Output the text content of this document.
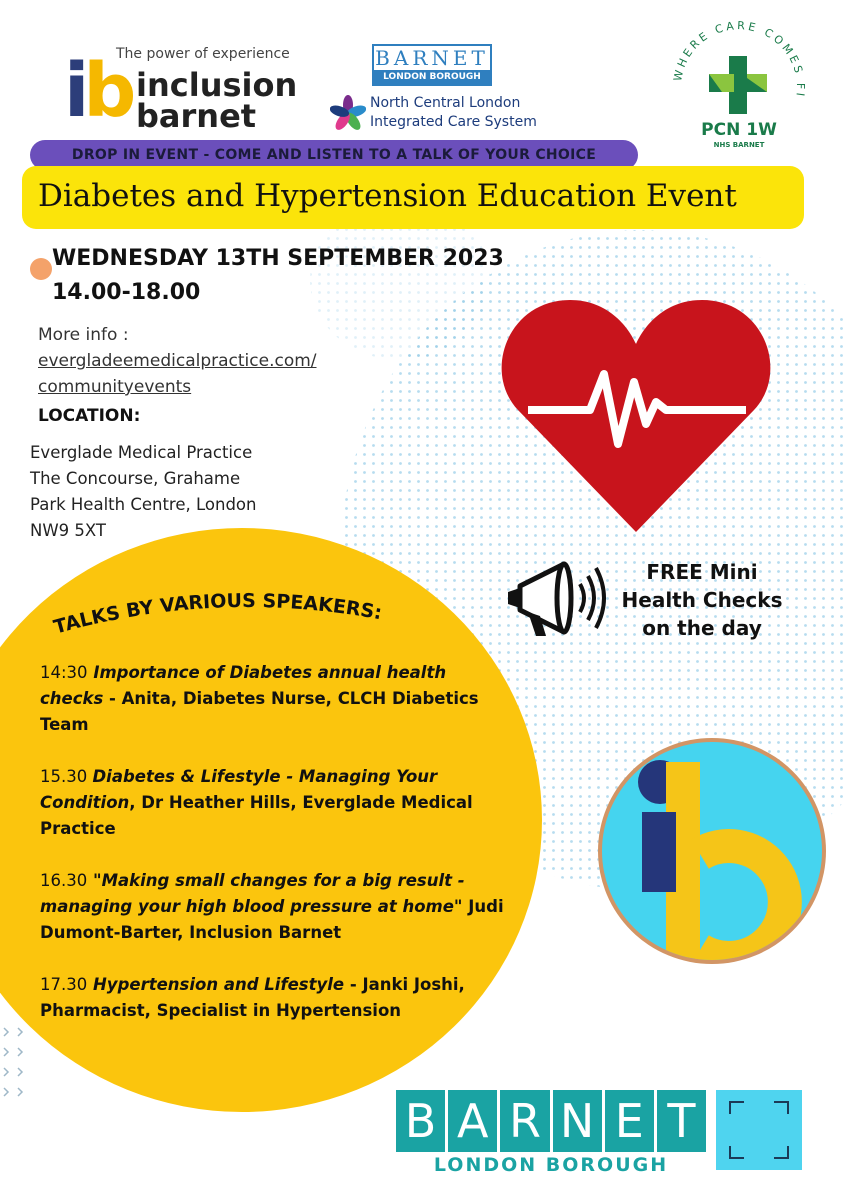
The power of experience
ib inclusion
barnet
BARNET
LONDON BOROUGH
North Central London
Integrated Care System
WHERE CARE COMES FI
PCN 1W
NHS BARNET
DROP IN EVENT - COME AND LISTEN TO A TALK OF YOUR CHOICE
Diabetes and Hypertension Education Event
WEDNESDAY 13TH SEPTEMBER 2023
14.00-18.00
More info :
evergladeemedicalpractice.com/
communityevents
LOCATION:
Everglade Medical Practice
The Concourse, Grahame
Park Health Centre, London
NW9 5XT
FREE Mini
Health Checks
on the day
TALKS BY VARIOUS SPEAKERS:
14:30 Importance of Diabetes annual health checks - Anita, Diabetes Nurse, CLCH Diabetics Team
15.30 Diabetes & Lifestyle - Managing Your Condition, Dr Heather Hills, Everglade Medical Practice
16.30 "Making small changes for a big result - managing your high blood pressure at home" Judi Dumont-Barter, Inclusion Barnet
17.30 Hypertension and Lifestyle - Janki Joshi, Pharmacist, Specialist in Hypertension
B A R N E T
LONDON BOROUGH
